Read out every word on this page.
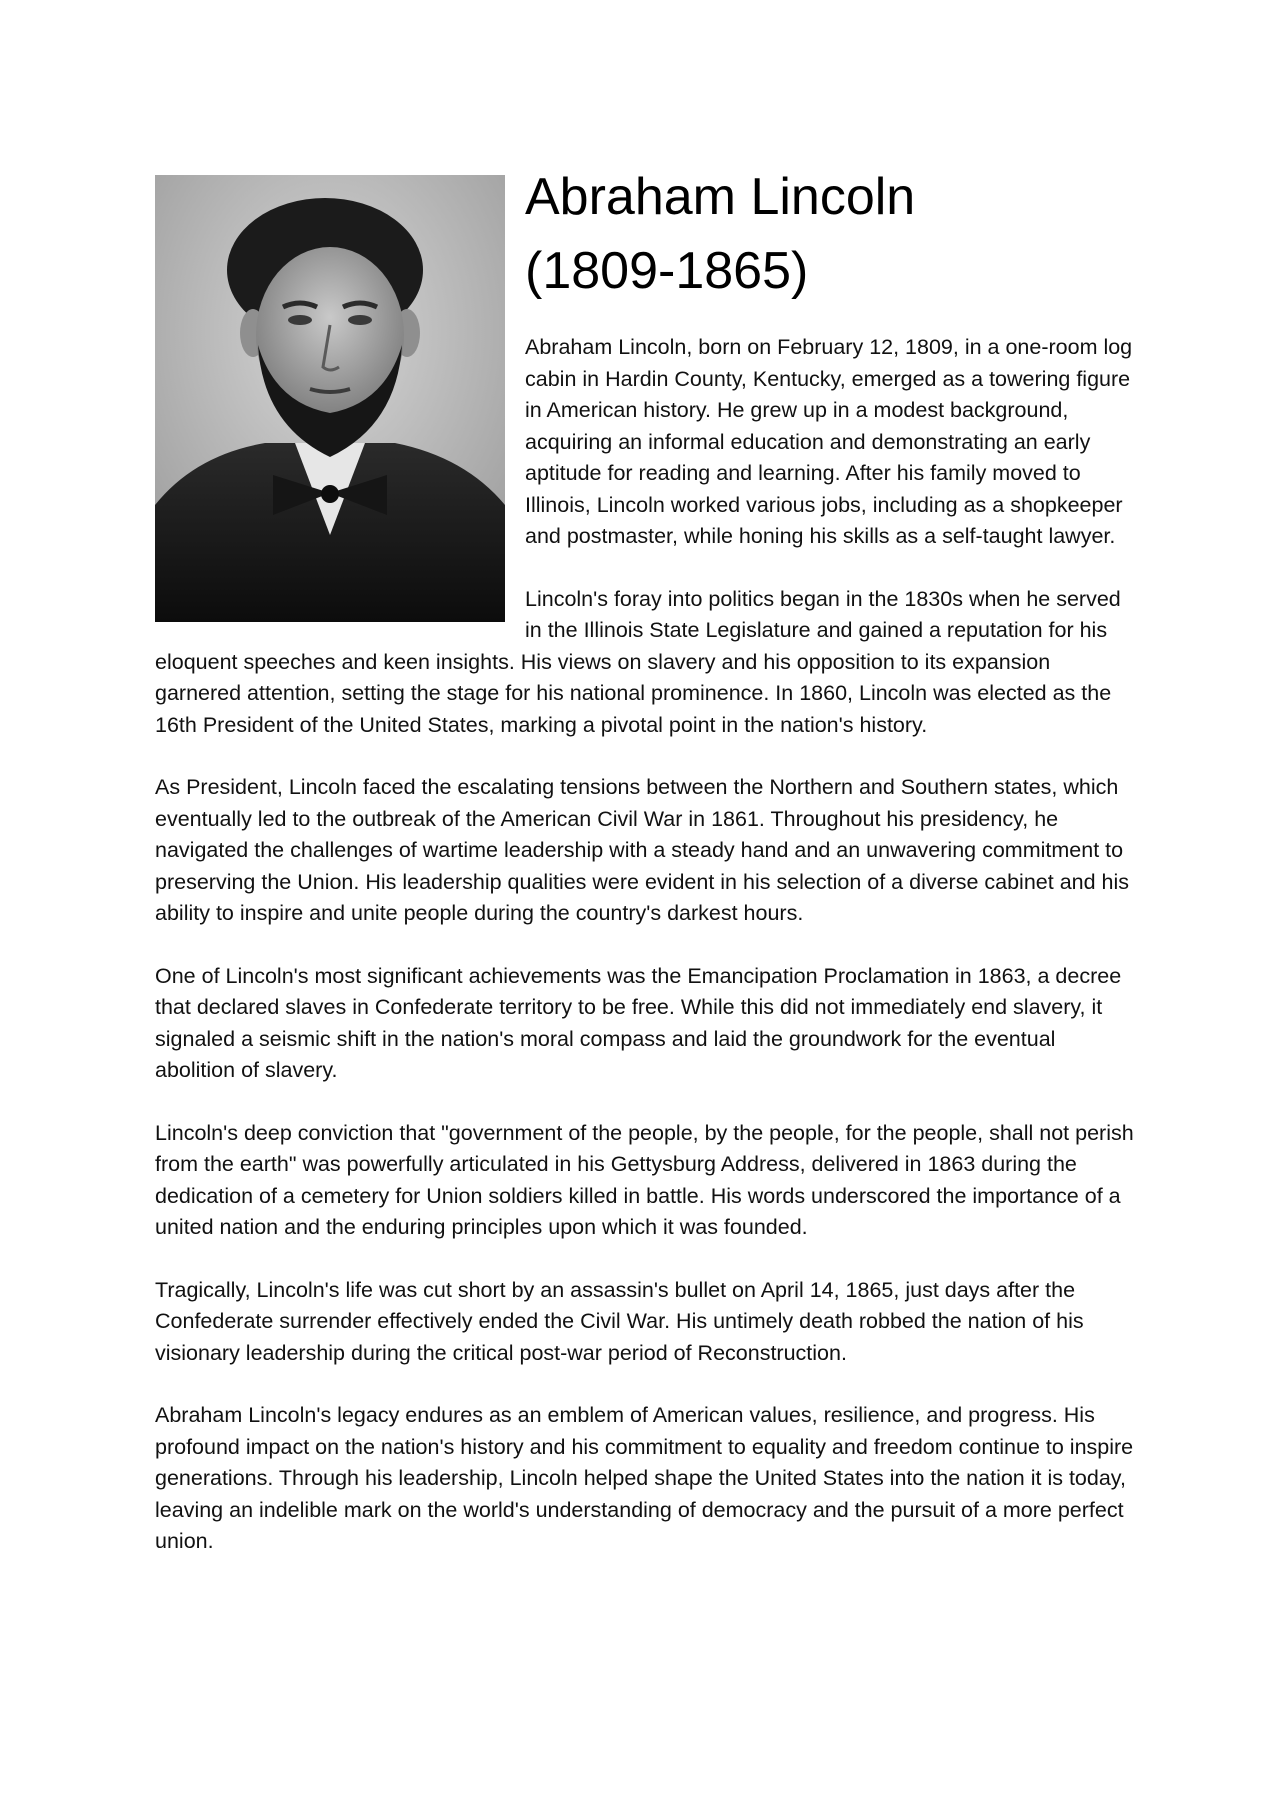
Abraham Lincoln
(1809-1865)

Abraham Lincoln, born on February 12, 1809, in a one-room log cabin in Hardin County, Kentucky, emerged as a towering figure in American history. He grew up in a modest background, acquiring an informal education and demonstrating an early aptitude for reading and learning. After his family moved to Illinois, Lincoln worked various jobs, including as a shopkeeper and postmaster, while honing his skills as a self-taught lawyer.

Lincoln's foray into politics began in the 1830s when he served in the Illinois State Legislature and gained a reputation for his eloquent speeches and keen insights. His views on slavery and his opposition to its expansion garnered attention, setting the stage for his national prominence. In 1860, Lincoln was elected as the 16th President of the United States, marking a pivotal point in the nation's history.

As President, Lincoln faced the escalating tensions between the Northern and Southern states, which eventually led to the outbreak of the American Civil War in 1861. Throughout his presidency, he navigated the challenges of wartime leadership with a steady hand and an unwavering commitment to preserving the Union. His leadership qualities were evident in his selection of a diverse cabinet and his ability to inspire and unite people during the country's darkest hours.

One of Lincoln's most significant achievements was the Emancipation Proclamation in 1863, a decree that declared slaves in Confederate territory to be free. While this did not immediately end slavery, it signaled a seismic shift in the nation's moral compass and laid the groundwork for the eventual abolition of slavery.

Lincoln's deep conviction that "government of the people, by the people, for the people, shall not perish from the earth" was powerfully articulated in his Gettysburg Address, delivered in 1863 during the dedication of a cemetery for Union soldiers killed in battle. His words underscored the importance of a united nation and the enduring principles upon which it was founded.

Tragically, Lincoln's life was cut short by an assassin's bullet on April 14, 1865, just days after the Confederate surrender effectively ended the Civil War. His untimely death robbed the nation of his visionary leadership during the critical post-war period of Reconstruction.

Abraham Lincoln's legacy endures as an emblem of American values, resilience, and progress. His profound impact on the nation's history and his commitment to equality and freedom continue to inspire generations. Through his leadership, Lincoln helped shape the United States into the nation it is today, leaving an indelible mark on the world's understanding of democracy and the pursuit of a more perfect union.
